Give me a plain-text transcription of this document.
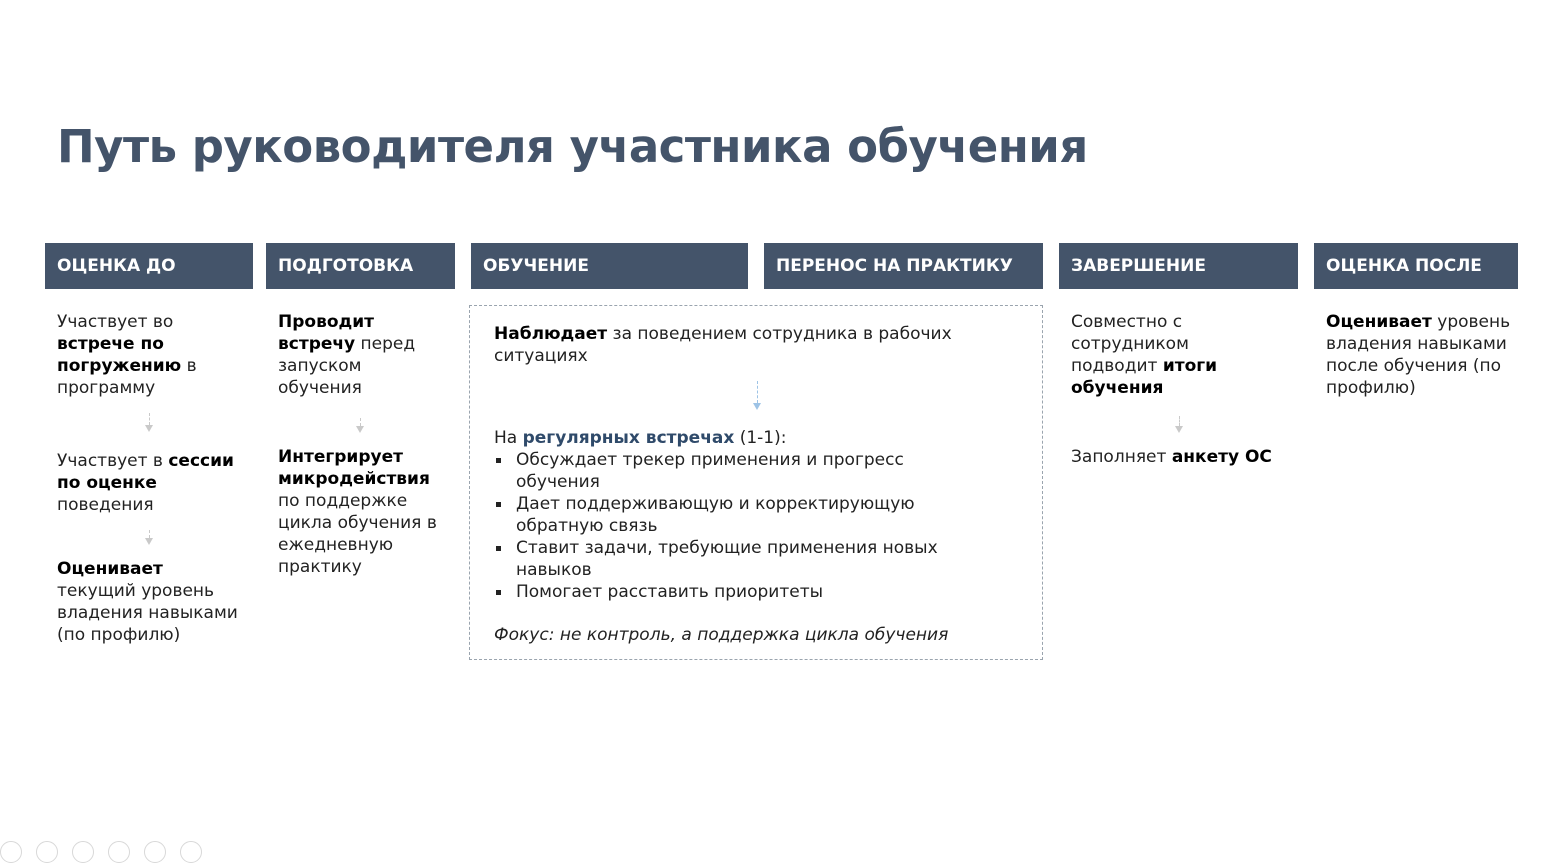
Путь руководителя участника обучения
ОЦЕНКА ДО	ПОДГОТОВКА	ОБУЧЕНИЕ	ПЕРЕНОС НА ПРАКТИКУ	ЗАВЕРШЕНИЕ	ОЦЕНКА ПОСЛЕ
Участвует во встрече по погружению в программу
Участвует в сессии по оценке поведения
Оценивает текущий уровень владения навыками (по профилю)
Проводит встречу перед запуском обучения
Интегрирует микродействия по поддержке цикла обучения в ежедневную практику
Наблюдает за поведением сотрудника в рабочих ситуациях
На регулярных встречах (1-1):
Обсуждает трекер применения и прогресс обучения
Дает поддерживающую и корректирующую обратную связь
Ставит задачи, требующие применения новых навыков
Помогает расставить приоритеты
Фокус: не контроль, а поддержка цикла обучения
Совместно с сотрудником подводит итоги обучения
Заполняет анкету ОС
Оценивает уровень владения навыками после обучения (по профилю)
